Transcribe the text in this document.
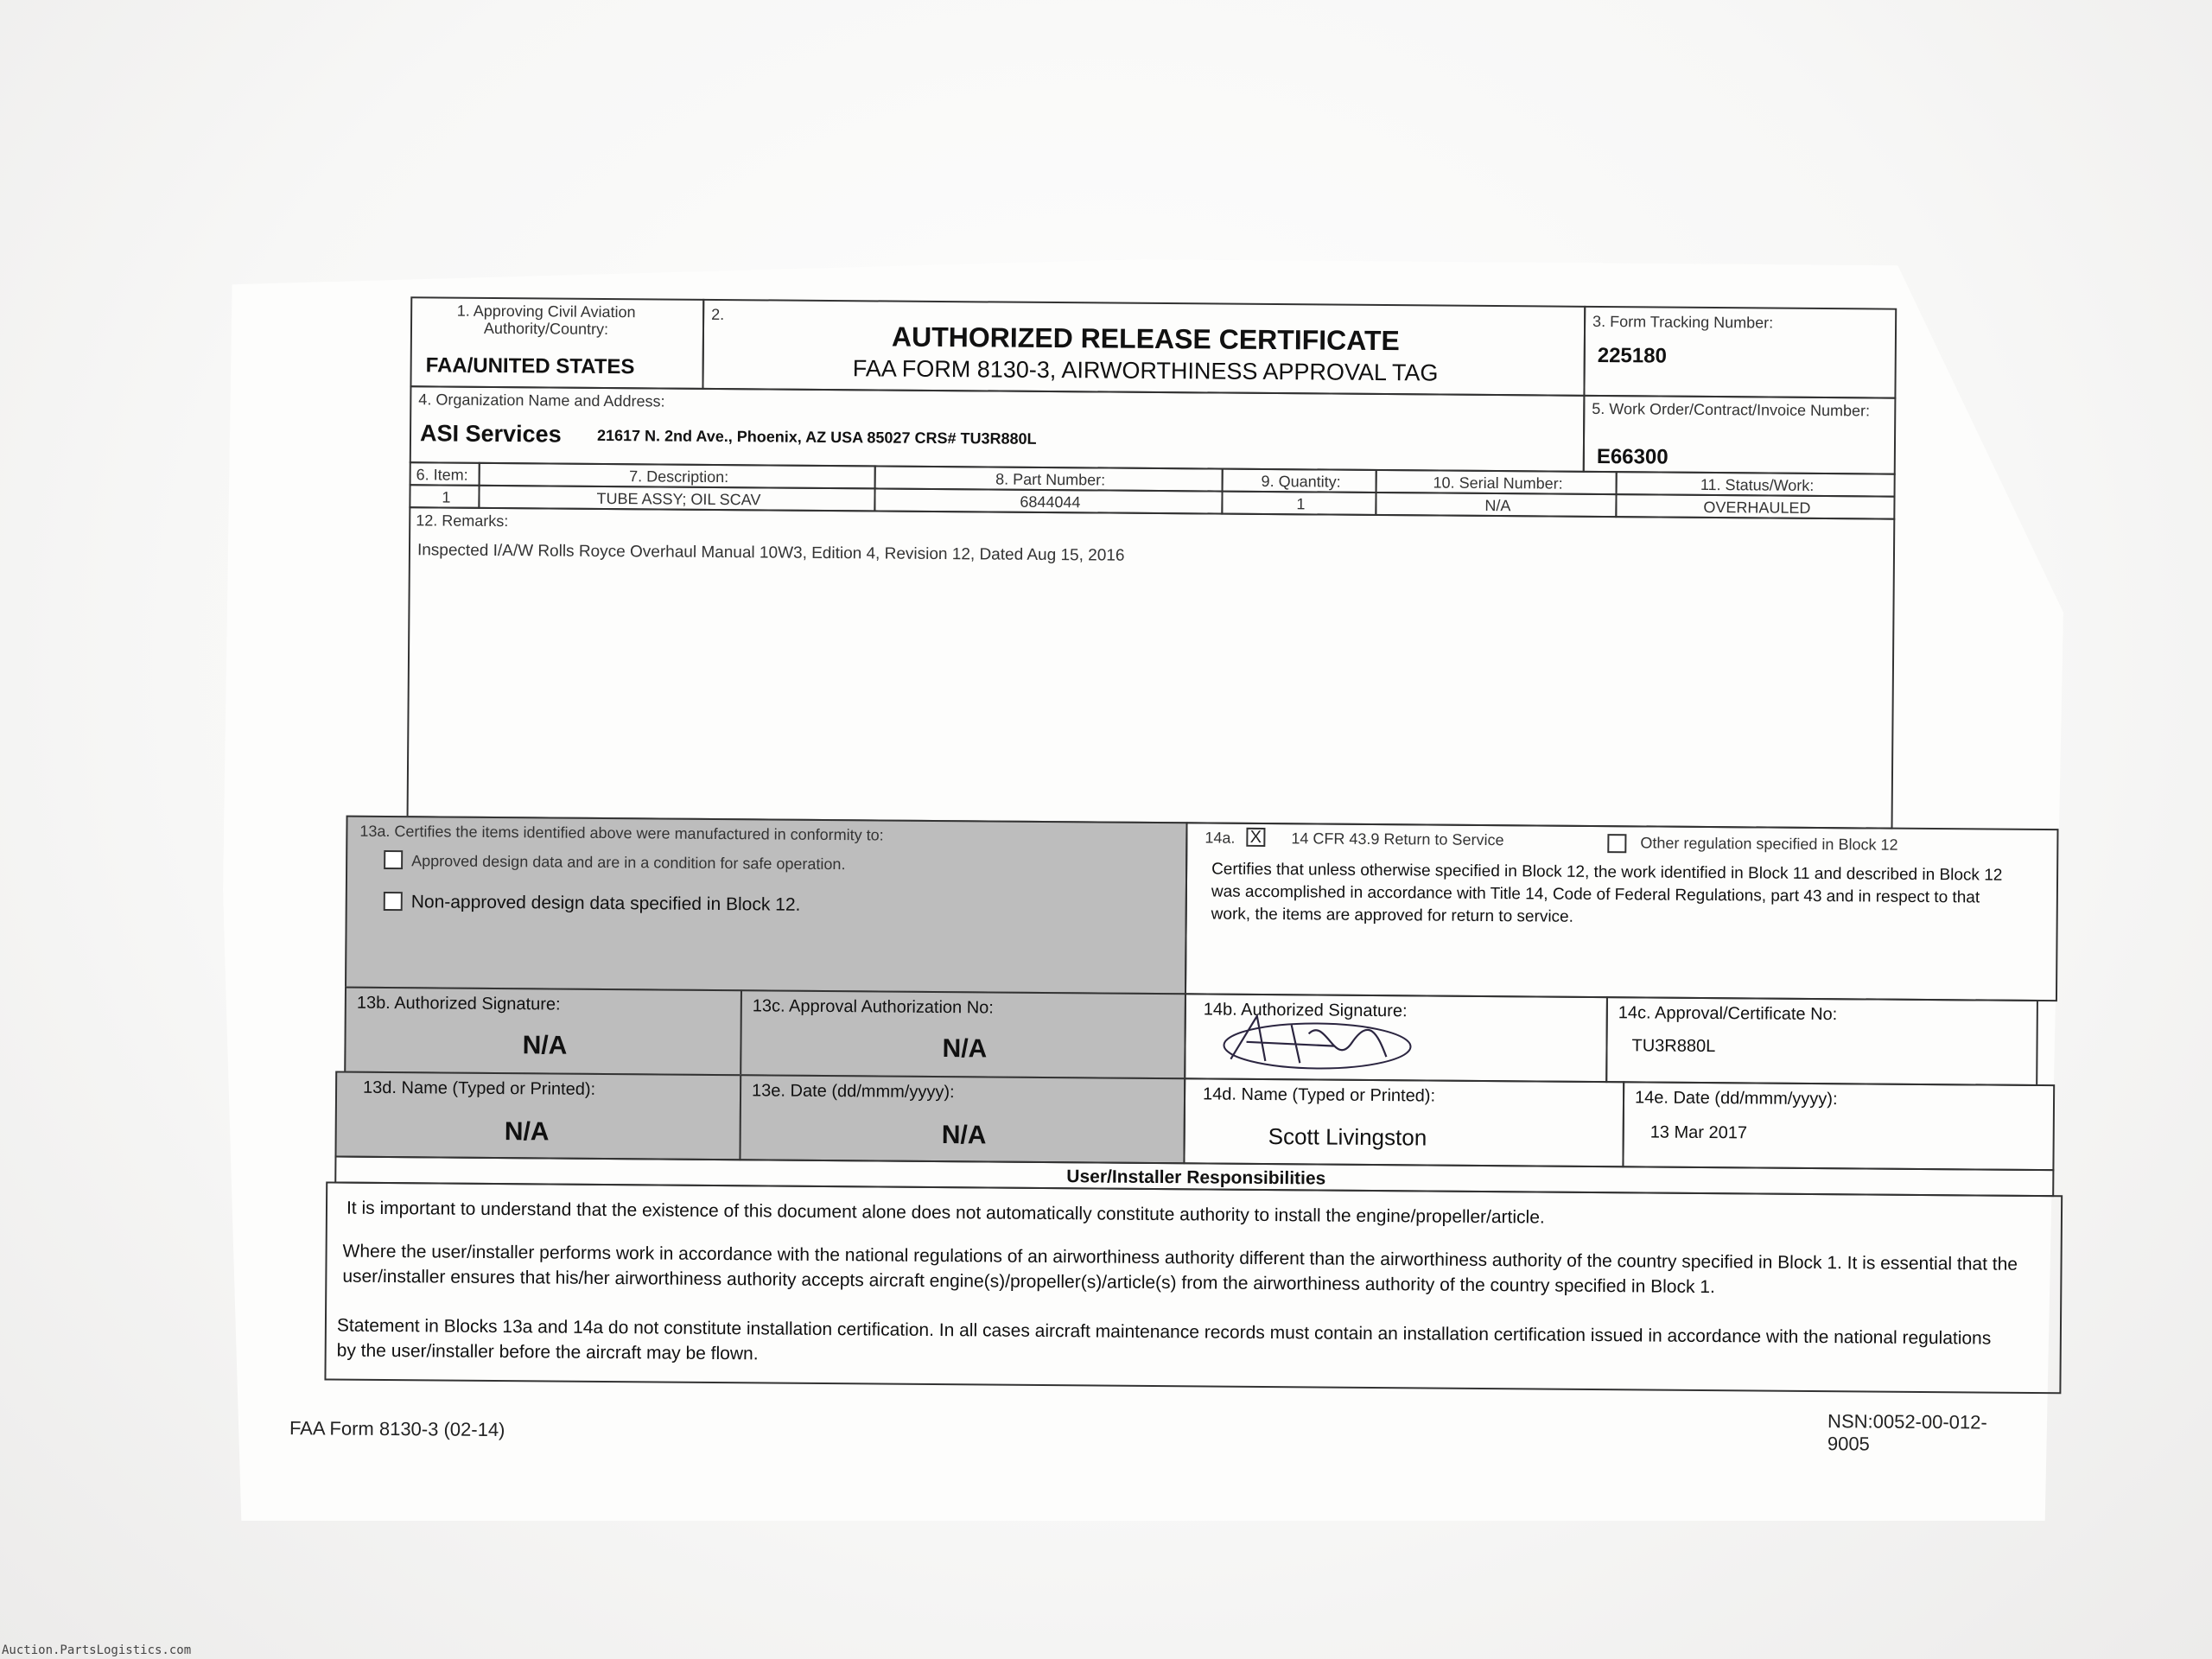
1. Approving Civil Aviation Authority/Country:
FAA/UNITED STATES
2.
AUTHORIZED RELEASE CERTIFICATE
FAA FORM 8130-3, AIRWORTHINESS APPROVAL TAG
3. Form Tracking Number:
225180
4. Organization Name and Address:
ASI Services 21617 N. 2nd Ave., Phoenix, AZ USA 85027 CRS# TU3R880L
5. Work Order/Contract/Invoice Number:
E66300
6. Item:	7. Description:	8. Part Number:	9. Quantity:	10. Serial Number:	11. Status/Work:
1	TUBE ASSY; OIL SCAV	6844044	1	N/A	OVERHAULED
12. Remarks:
Inspected I/A/W Rolls Royce Overhaul Manual 10W3, Edition 4, Revision 12, Dated Aug 15, 2016
13a. Certifies the items identified above were manufactured in conformity to:
Approved design data and are in a condition for safe operation.
Non-approved design data specified in Block 12.
14a. X 14 CFR 43.9 Return to Service	Other regulation specified in Block 12
Certifies that unless otherwise specified in Block 12, the work identified in Block 11 and described in Block 12 was accomplished in accordance with Title 14, Code of Federal Regulations, part 43 and in respect to that work, the items are approved for return to service.
13b. Authorized Signature:
N/A
13c. Approval Authorization No:
N/A
14b. Authorized Signature:	14c. Approval/Certificate No:
TU3R880L
13d. Name (Typed or Printed):
N/A
13e. Date (dd/mmm/yyyy):
N/A
14d. Name (Typed or Printed):
Scott Livingston
14e. Date (dd/mmm/yyyy):
13 Mar 2017
User/Installer Responsibilities
It is important to understand that the existence of this document alone does not automatically constitute authority to install the engine/propeller/article.
Where the user/installer performs work in accordance with the national regulations of an airworthiness authority different than the airworthiness authority of the country specified in Block 1. It is essential that the user/installer ensures that his/her airworthiness authority accepts aircraft engine(s)/propeller(s)/article(s) from the airworthiness authority of the country specified in Block 1.
Statement in Blocks 13a and 14a do not constitute installation certification. In all cases aircraft maintenance records must contain an installation certification issued in accordance with the national regulations by the user/installer before the aircraft may be flown.
FAA Form 8130-3 (02-14)	NSN:0052-00-012-9005
Auction.PartsLogistics.com
